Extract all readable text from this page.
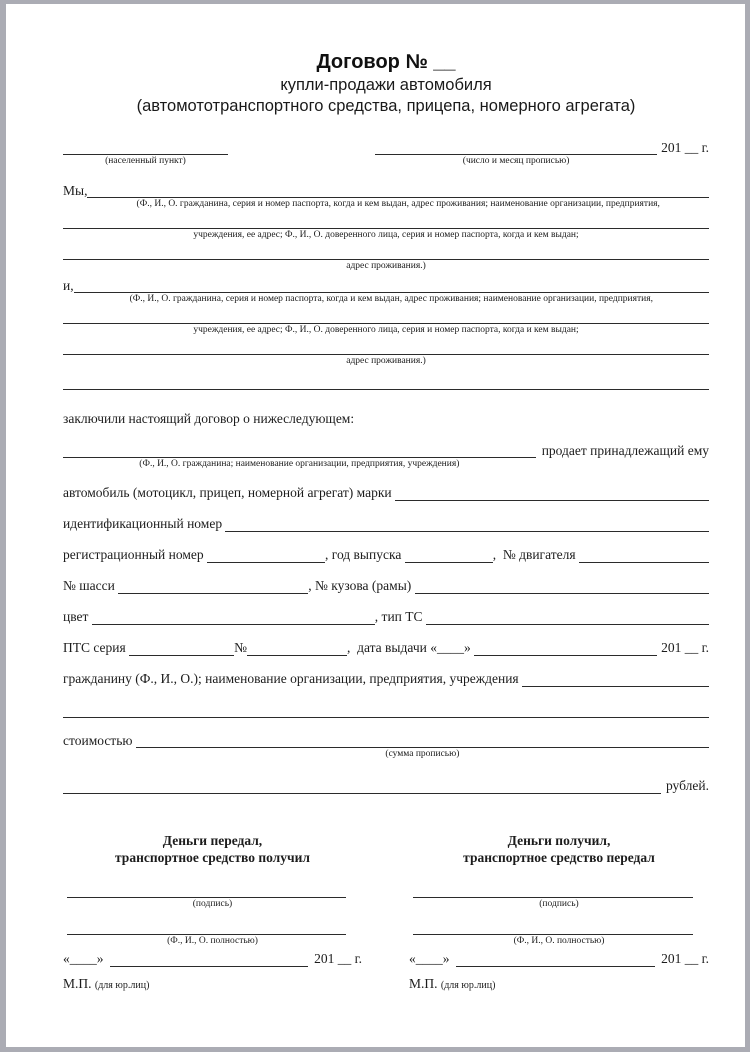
Договор № __
купли-продажи автомобиля
(автомототранспортного средства, прицепа, номерного агрегата)
(населенный пункт)	(число и месяц прописью)
201 __ г.
Мы,
(Ф., И., О. гражданина, серия и номер паспорта, когда и кем выдан, адрес проживания; наименование организации, предприятия,
учреждения, ее адрес; Ф., И., О. доверенного лица, серия и номер паспорта, когда и кем выдан;
адрес проживания.)
и,
(Ф., И., О. гражданина, серия и номер паспорта, когда и кем выдан, адрес проживания; наименование организации, предприятия,
учреждения, ее адрес; Ф., И., О. доверенного лица, серия и номер паспорта, когда и кем выдан;
адрес проживания.)
заключили настоящий договор о нижеследующем:
(Ф., И., О. гражданина; наименование организации, предприятия, учреждения)
продает принадлежащий ему
автомобиль (мотоцикл, прицеп, номерной агрегат) марки
идентификационный номер
регистрационный номер	, год выпуска	,  № двигателя
№ шасси	, № кузова (рамы)
цвет	, тип ТС
ПТС серия	№	,  дата выдачи «____»	201 __ г.
гражданину (Ф., И., О.); наименование организации, предприятия, учреждения
стоимостью
(сумма прописью)
рублей.
Деньги передал,
транспортное средство получил
(подпись)
(Ф., И., О. полностью)
«____»	201 __ г.
М.П. (для юр.лиц)
Деньги получил,
транспортное средство передал
(подпись)
(Ф., И., О. полностью)
«____»	201 __ г.
М.П. (для юр.лиц)
